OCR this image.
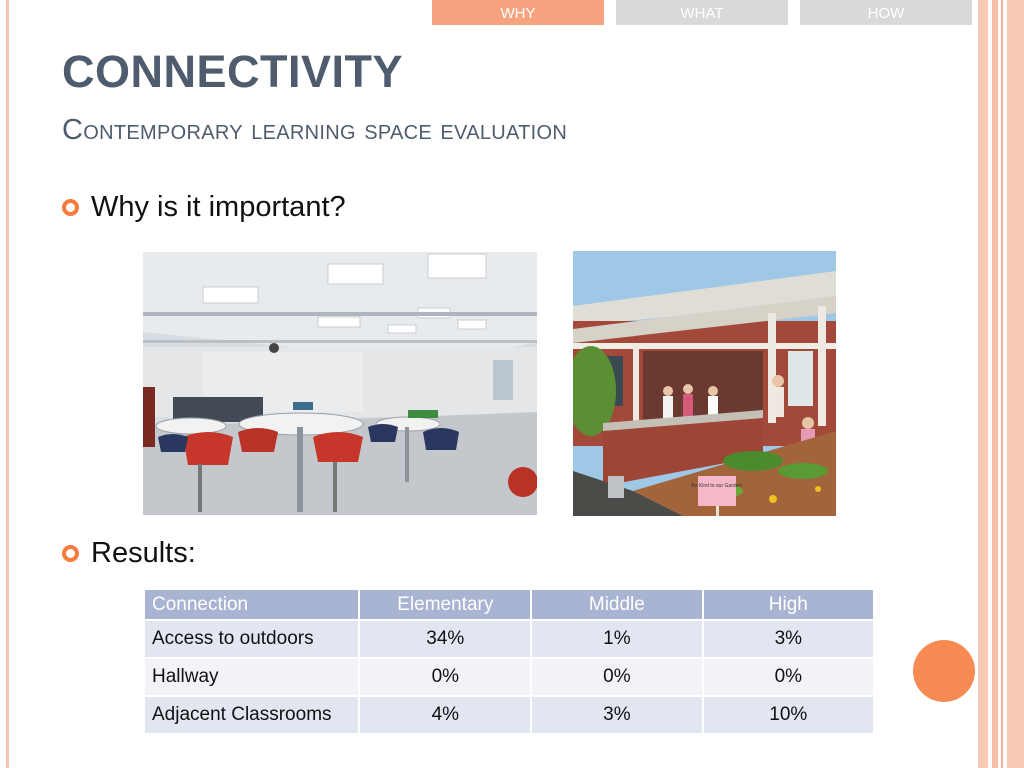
WHY	WHAT	HOW
CONNECTIVITY
Contemporary learning space evaluation
Why is it important?
Be Kind to our Garden!
Results:
Connection	Elementary	Middle	High
Access to outdoors	34%	1%	3%
Hallway	0%	0%	0%
Adjacent Classrooms	4%	3%	10%
